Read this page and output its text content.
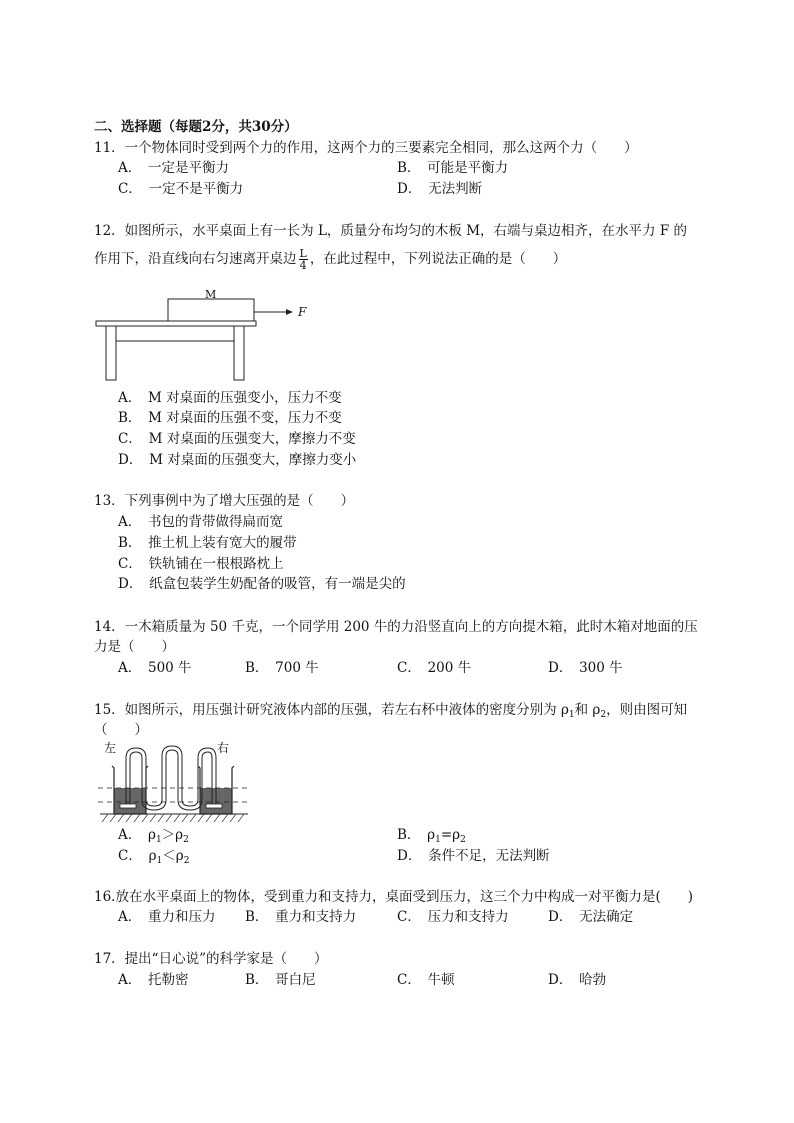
二、选择题（每题2分，共30分）
11．一个物体同时受到两个力的作用，这两个力的三要素完全相同，那么这两个力（　　）
A．　一定是平衡力	B．　可能是平衡力
C．　一定不是平衡力	D．　无法判断
12．如图所示，水平桌面上有一长为 L，质量分布均匀的木板 M，右端与桌边相齐，在水平力 F 的
作用下，沿直线向右匀速离开桌边 $\frac{L}{4}$ ，在此过程中，下列说法正确的是（　　）
M
F
A．　M 对桌面的压强变小，压力不变
B．　M 对桌面的压强不变，压力不变
C．　M 对桌面的压强变大，摩擦力不变
D．　M 对桌面的压强变大，摩擦力变小
13．下列事例中为了增大压强的是（　　）
A．　书包的背带做得扁而宽
B．　推土机上装有宽大的履带
C．　铁轨铺在一根根路枕上
D．　纸盒包装学生奶配备的吸管，有一端是尖的
14．一木箱质量为 50 千克，一个同学用 200 牛的力沿竖直向上的方向提木箱，此时木箱对地面的压
力是（　　）
A．　500 牛	B．　700 牛	C．　200 牛	D．　300 牛
15．如图所示，用压强计研究液体内部的压强，若左右杯中液体的密度分别为 $\rho_1$和 $\rho_2$，则由图可知
（　　）
左	右
A．　$\rho_1>\rho_2$	B．　$\rho_1=\rho_2$
C．　$\rho_1<\rho_2$	D．　条件不足，无法判断
16.放在水平桌面上的物体，受到重力和支持力，桌面受到压力，这三个力中构成一对平衡力是(　　)
A．　重力和压力 B．　重力和支持力	C．　压力和支持力	D．　无法确定
17．提出“日心说”的科学家是（　　）
A．　托勒密	B．　哥白尼	C．　牛顿	D．　哈勃
